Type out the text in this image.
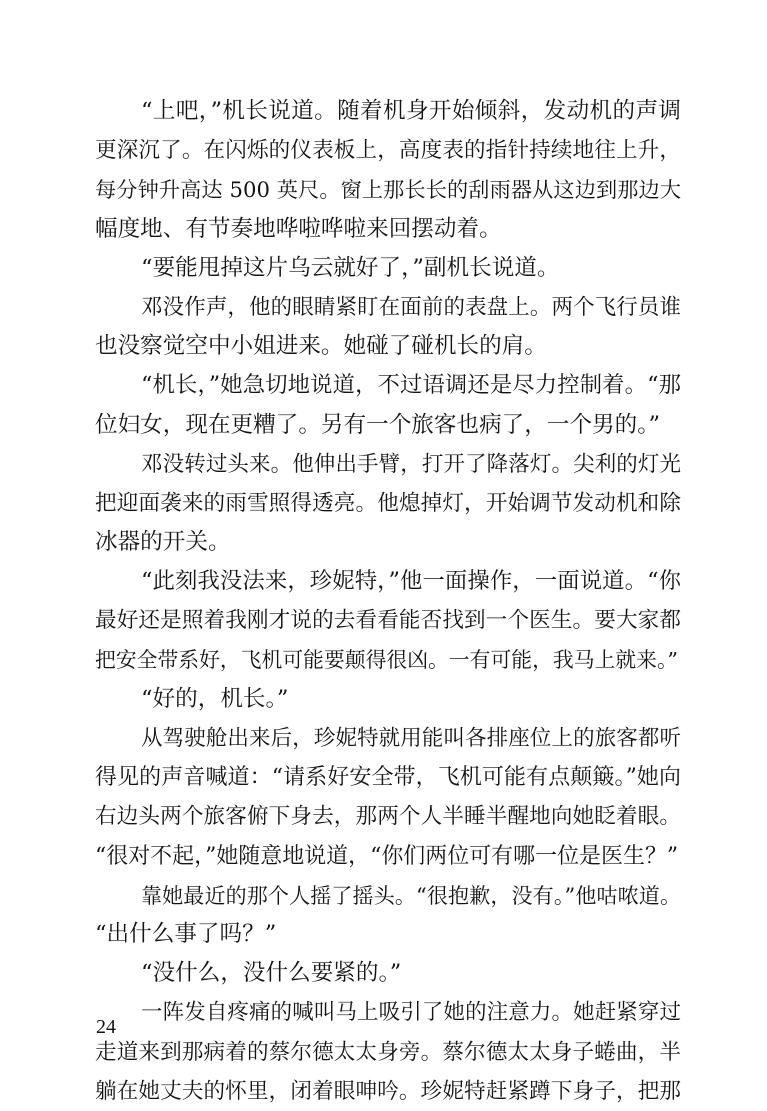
“上吧，”机长说道。随着机身开始倾斜，发动机的声调
更深沉了。在闪烁的仪表板上，高度表的指针持续地往上升，
每分钟升高达 500 英尺。窗上那长长的刮雨器从这边到那边大
幅度地、有节奏地哗啦哗啦来回摆动着。
“要能甩掉这片乌云就好了，”副机长说道。
邓没作声，他的眼睛紧盯在面前的表盘上。两个飞行员谁
也没察觉空中小姐进来。她碰了碰机长的肩。
“机长，”她急切地说道，不过语调还是尽力控制着。“那
位妇女，现在更糟了。另有一个旅客也病了，一个男的。”
邓没转过头来。他伸出手臂，打开了降落灯。尖利的灯光
把迎面袭来的雨雪照得透亮。他熄掉灯，开始调节发动机和除
冰器的开关。
“此刻我没法来，珍妮特，”他一面操作，一面说道。“你
最好还是照着我刚才说的去看看能否找到一个医生。要大家都
把安全带系好，飞机可能要颠得很凶。一有可能，我马上就来。”
“好的，机长。”
从驾驶舱出来后，珍妮特就用能叫各排座位上的旅客都听
得见的声音喊道：“请系好安全带，飞机可能有点颠簸。”她向
右边头两个旅客俯下身去，那两个人半睡半醒地向她眨着眼。
“很对不起，”她随意地说道，“你们两位可有哪一位是医生？”
靠她最近的那个人摇了摇头。“很抱歉，没有。”他咕哝道。
“出什么事了吗？”
“没什么，没什么要紧的。”
一阵发自疼痛的喊叫马上吸引了她的注意力。她赶紧穿过
走道来到那病着的蔡尔德太太身旁。蔡尔德太太身子蜷曲，半
躺在她丈夫的怀里，闭着眼呻吟。珍妮特赶紧蹲下身子，把那
24
